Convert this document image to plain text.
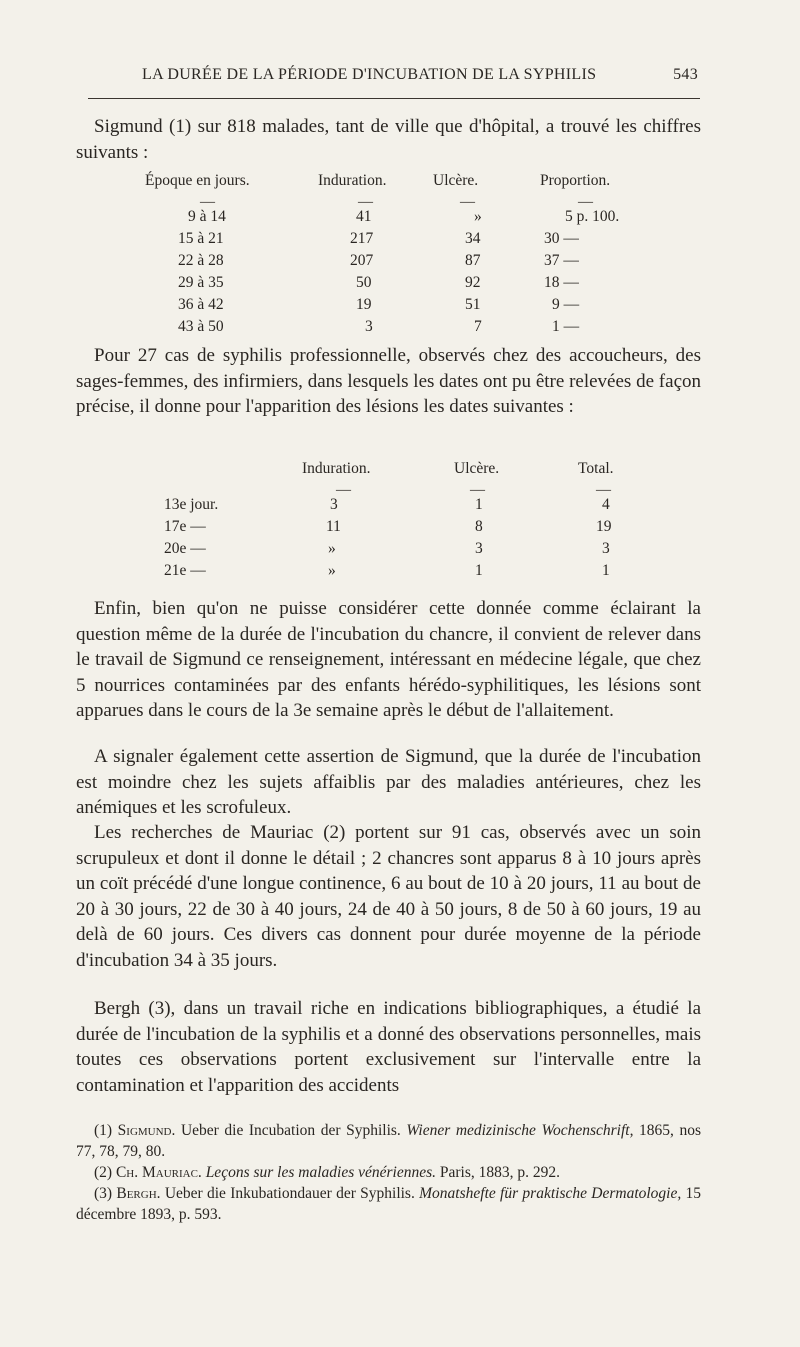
LA DURÉE DE LA PÉRIODE D'INCUBATION DE LA SYPHILIS	543

Sigmund (1) sur 818 malades, tant de ville que d'hôpital, a trouvé les chiffres suivants :

Époque en jours.	Induration.	Ulcère.	Proportion.
—	—	—	—
9 à 14	41	»	5 p. 100.
15 à 21	217	34	30 —
22 à 28	207	87	37 —
29 à 35	50	92	18 —
36 à 42	19	51	9 —
43 à 50	3	7	1 —

Pour 27 cas de syphilis professionnelle, observés chez des accoucheurs, des sages-femmes, des infirmiers, dans lesquels les dates ont pu être relevées de façon précise, il donne pour l'apparition des lésions les dates suivantes :

Induration.	Ulcère.	Total.
—	—	—
13e jour.	3	1	4
17e —	11	8	19
20e —	»	3	3
21e —	»	1	1

Enfin, bien qu'on ne puisse considérer cette donnée comme éclairant la question même de la durée de l'incubation du chancre, il convient de relever dans le travail de Sigmund ce renseignement, intéressant en médecine légale, que chez 5 nourrices contaminées par des enfants hérédo-syphilitiques, les lésions sont apparues dans le cours de la 3e semaine après le début de l'allaitement.

A signaler également cette assertion de Sigmund, que la durée de l'incubation est moindre chez les sujets affaiblis par des maladies antérieures, chez les anémiques et les scrofuleux.

Les recherches de Mauriac (2) portent sur 91 cas, observés avec un soin scrupuleux et dont il donne le détail ; 2 chancres sont apparus 8 à 10 jours après un coït précédé d'une longue continence, 6 au bout de 10 à 20 jours, 11 au bout de 20 à 30 jours, 22 de 30 à 40 jours, 24 de 40 à 50 jours, 8 de 50 à 60 jours, 19 au delà de 60 jours. Ces divers cas donnent pour durée moyenne de la période d'incubation 34 à 35 jours.

Bergh (3), dans un travail riche en indications bibliographiques, a étudié la durée de l'incubation de la syphilis et a donné des observations personnelles, mais toutes ces observations portent exclusivement sur l'intervalle entre la contamination et l'apparition des accidents

(1) Sigmund. Ueber die Incubation der Syphilis. Wiener medizinische Wochenschrift, 1865, nos 77, 78, 79, 80.

(2) Ch. Mauriac. Leçons sur les maladies vénériennes. Paris, 1883, p. 292.

(3) Bergh. Ueber die Inkubationdauer der Syphilis. Monatshefte für praktische Dermatologie, 15 décembre 1893, p. 593.
